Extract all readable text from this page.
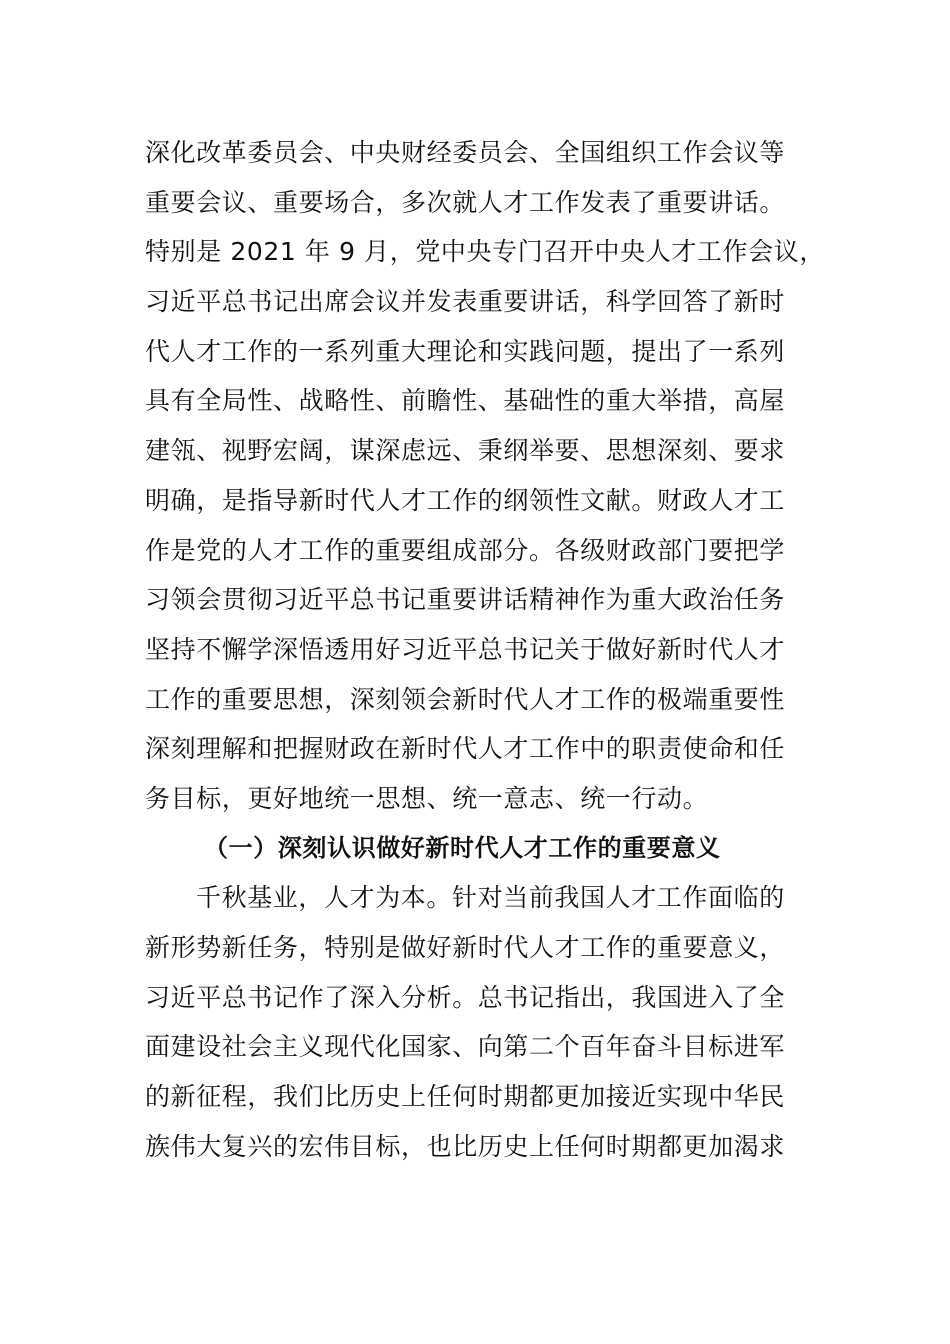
深化改革委员会、中央财经委员会、全国组织工作会议等
重要会议、重要场合，多次就人才工作发表了重要讲话。
特别是 2021 年 9 月，党中央专门召开中央人才工作会议，
习近平总书记出席会议并发表重要讲话，科学回答了新时
代人才工作的一系列重大理论和实践问题，提出了一系列
具有全局性、战略性、前瞻性、基础性的重大举措，高屋
建瓴、视野宏阔，谋深虑远、秉纲举要、思想深刻、要求
明确，是指导新时代人才工作的纲领性文献。财政人才工
作是党的人才工作的重要组成部分。各级财政部门要把学
习领会贯彻习近平总书记重要讲话精神作为重大政治任务
坚持不懈学深悟透用好习近平总书记关于做好新时代人才
工作的重要思想，深刻领会新时代人才工作的极端重要性
深刻理解和把握财政在新时代人才工作中的职责使命和任
务目标，更好地统一思想、统一意志、统一行动。
（一）深刻认识做好新时代人才工作的重要意义
千秋基业，人才为本。针对当前我国人才工作面临的
新形势新任务，特别是做好新时代人才工作的重要意义，
习近平总书记作了深入分析。总书记指出，我国进入了全
面建设社会主义现代化国家、向第二个百年奋斗目标进军
的新征程，我们比历史上任何时期都更加接近实现中华民
族伟大复兴的宏伟目标，也比历史上任何时期都更加渴求
